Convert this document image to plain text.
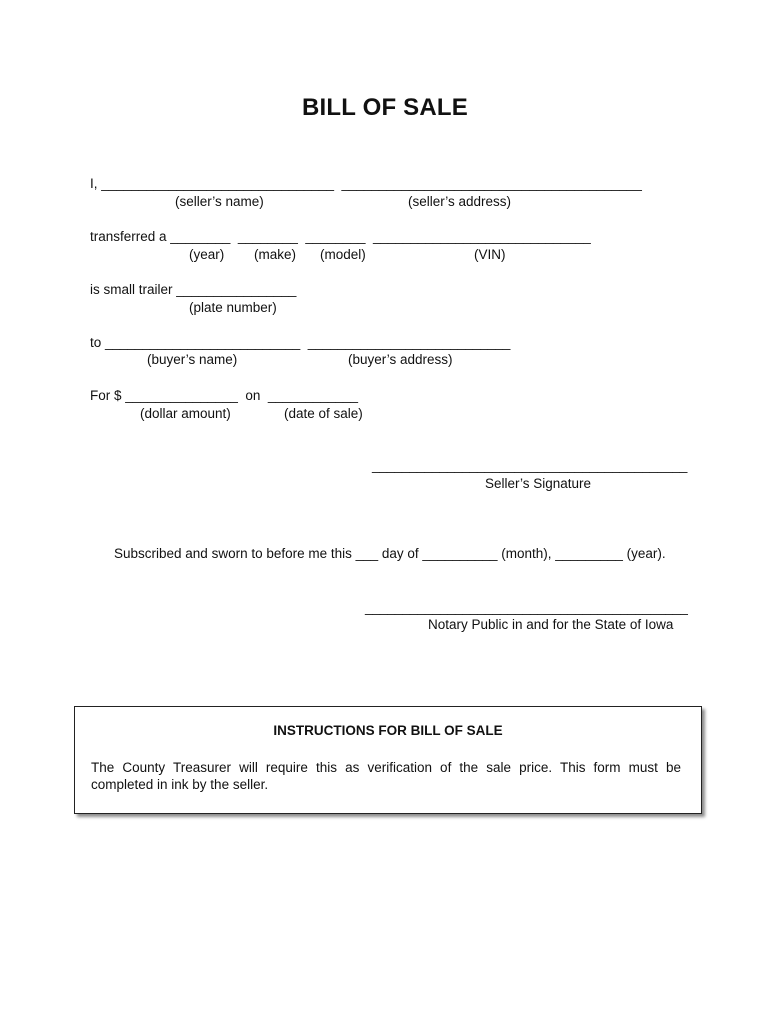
BILL OF SALE
I, _______________________________  ________________________________________
(seller’s name)	(seller’s address)
transferred a ________  ________  ________  _____________________________
(year) (make) (model)	(VIN)
is small trailer ________________
(plate number)
to __________________________  ___________________________
(buyer’s name)	(buyer’s address)
For $ _______________  on  ____________
(dollar amount)	(date of sale)
__________________________________________
Seller’s Signature
Subscribed and sworn to before me this ___ day of __________ (month), _________ (year).
___________________________________________
Notary Public in and for the State of Iowa
INSTRUCTIONS FOR BILL OF SALE
The County Treasurer will require this as verification of the sale price. This form must be completed in ink by the seller.
